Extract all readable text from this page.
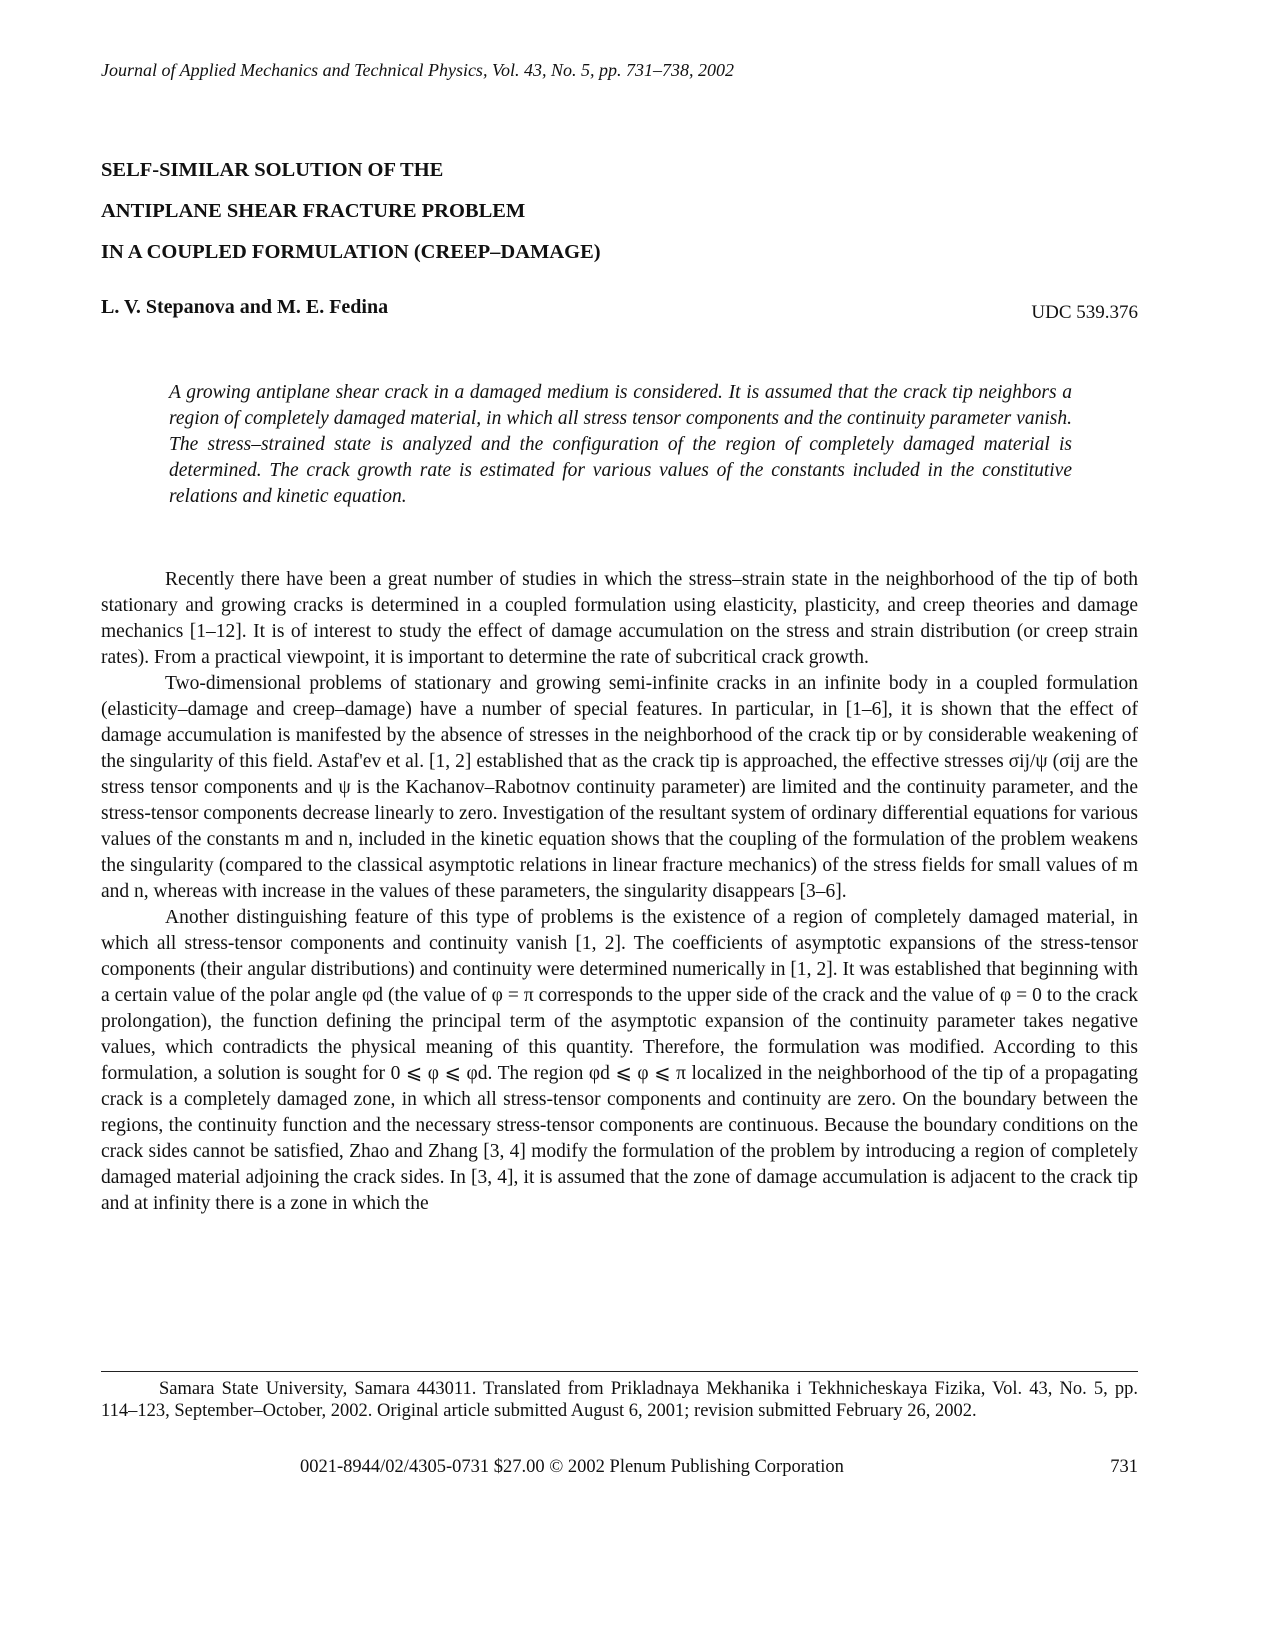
Journal of Applied Mechanics and Technical Physics, Vol. 43, No. 5, pp. 731–738, 2002
SELF-SIMILAR SOLUTION OF THE
ANTIPLANE SHEAR FRACTURE PROBLEM
IN A COUPLED FORMULATION (CREEP–DAMAGE)
L. V. Stepanova and M. E. Fedina	UDC 539.376
A growing antiplane shear crack in a damaged medium is considered. It is assumed that the crack tip neighbors a region of completely damaged material, in which all stress tensor components and the continuity parameter vanish. The stress–strained state is analyzed and the configuration of the region of completely damaged material is determined. The crack growth rate is estimated for various values of the constants included in the constitutive relations and kinetic equation.

Recently there have been a great number of studies in which the stress–strain state in the neighborhood of the tip of both stationary and growing cracks is determined in a coupled formulation using elasticity, plasticity, and creep theories and damage mechanics [1–12]. It is of interest to study the effect of damage accumulation on the stress and strain distribution (or creep strain rates). From a practical viewpoint, it is important to determine the rate of subcritical crack growth.

Two-dimensional problems of stationary and growing semi-infinite cracks in an infinite body in a coupled formulation (elasticity–damage and creep–damage) have a number of special features. In particular, in [1–6], it is shown that the effect of damage accumulation is manifested by the absence of stresses in the neighborhood of the crack tip or by considerable weakening of the singularity of this field. Astaf'ev et al. [1, 2] established that as the crack tip is approached, the effective stresses σij/ψ (σij are the stress tensor components and ψ is the Kachanov–Rabotnov continuity parameter) are limited and the continuity parameter, and the stress-tensor components decrease linearly to zero. Investigation of the resultant system of ordinary differential equations for various values of the constants m and n, included in the kinetic equation shows that the coupling of the formulation of the problem weakens the singularity (compared to the classical asymptotic relations in linear fracture mechanics) of the stress fields for small values of m and n, whereas with increase in the values of these parameters, the singularity disappears [3–6].

Another distinguishing feature of this type of problems is the existence of a region of completely damaged material, in which all stress-tensor components and continuity vanish [1, 2]. The coefficients of asymptotic expansions of the stress-tensor components (their angular distributions) and continuity were determined numerically in [1, 2]. It was established that beginning with a certain value of the polar angle φd (the value of φ = π corresponds to the upper side of the crack and the value of φ = 0 to the crack prolongation), the function defining the principal term of the asymptotic expansion of the continuity parameter takes negative values, which contradicts the physical meaning of this quantity. Therefore, the formulation was modified. According to this formulation, a solution is sought for 0 ⩽ φ ⩽ φd. The region φd ⩽ φ ⩽ π localized in the neighborhood of the tip of a propagating crack is a completely damaged zone, in which all stress-tensor components and continuity are zero. On the boundary between the regions, the continuity function and the necessary stress-tensor components are continuous. Because the boundary conditions on the crack sides cannot be satisfied, Zhao and Zhang [3, 4] modify the formulation of the problem by introducing a region of completely damaged material adjoining the crack sides. In [3, 4], it is assumed that the zone of damage accumulation is adjacent to the crack tip and at infinity there is a zone in which the

Samara State University, Samara 443011. Translated from Prikladnaya Mekhanika i Tekhnicheskaya Fizika, Vol. 43, No. 5, pp. 114–123, September–October, 2002. Original article submitted August 6, 2001; revision submitted February 26, 2002.
0021-8944/02/4305-0731 $27.00 © 2002 Plenum Publishing Corporation	731
